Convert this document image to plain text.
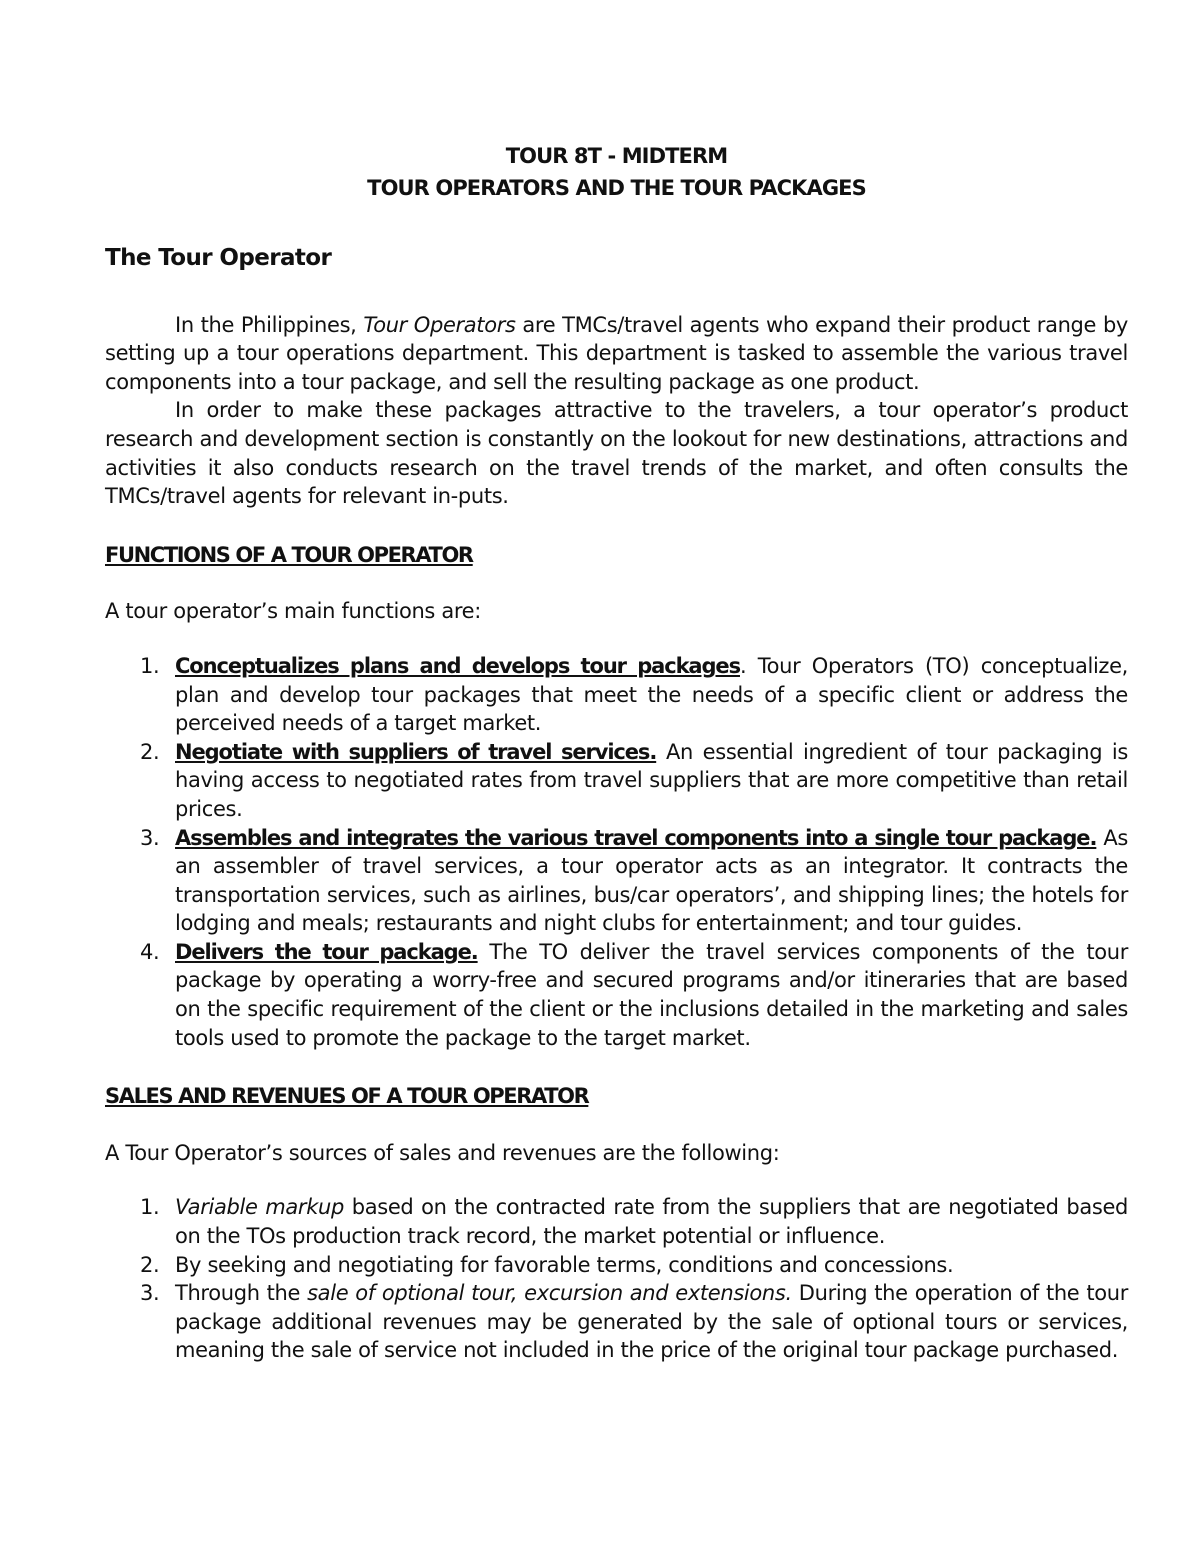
TOUR 8T - MIDTERM
TOUR OPERATORS AND THE TOUR PACKAGES

The Tour Operator

In the Philippines, Tour Operators are TMCs/travel agents who expand their product range by setting up a tour operations department. This department is tasked to assemble the various travel components into a tour package, and sell the resulting package as one product.

In order to make these packages attractive to the travelers, a tour operator’s product research and development section is constantly on the lookout for new destinations, attractions and activities it also conducts research on the travel trends of the market, and often consults the TMCs/travel agents for relevant in-puts.

FUNCTIONS OF A TOUR OPERATOR
A tour operator’s main functions are:
1. Conceptualizes plans and develops tour packages. Tour Operators (TO) conceptualize, plan and develop tour packages that meet the needs of a specific client or address the perceived needs of a target market.
2. Negotiate with suppliers of travel services. An essential ingredient of tour packaging is having access to negotiated rates from travel suppliers that are more competitive than retail prices.
3. Assembles and integrates the various travel components into a single tour package. As an assembler of travel services, a tour operator acts as an integrator. It contracts the transportation services, such as airlines, bus/car operators’, and shipping lines; the hotels for lodging and meals; restaurants and night clubs for entertainment; and tour guides.
4. Delivers the tour package. The TO deliver the travel services components of the tour package by operating a worry-free and secured programs and/or itineraries that are based on the specific requirement of the client or the inclusions detailed in the marketing and sales tools used to promote the package to the target market.
SALES AND REVENUES OF A TOUR OPERATOR
A Tour Operator’s sources of sales and revenues are the following:
1. Variable markup based on the contracted rate from the suppliers that are negotiated based on the TOs production track record, the market potential or influence.
2. By seeking and negotiating for favorable terms, conditions and concessions.
3. Through the sale of optional tour, excursion and extensions. During the operation of the tour package additional revenues may be generated by the sale of optional tours or services, meaning the sale of service not included in the price of the original tour package purchased.
